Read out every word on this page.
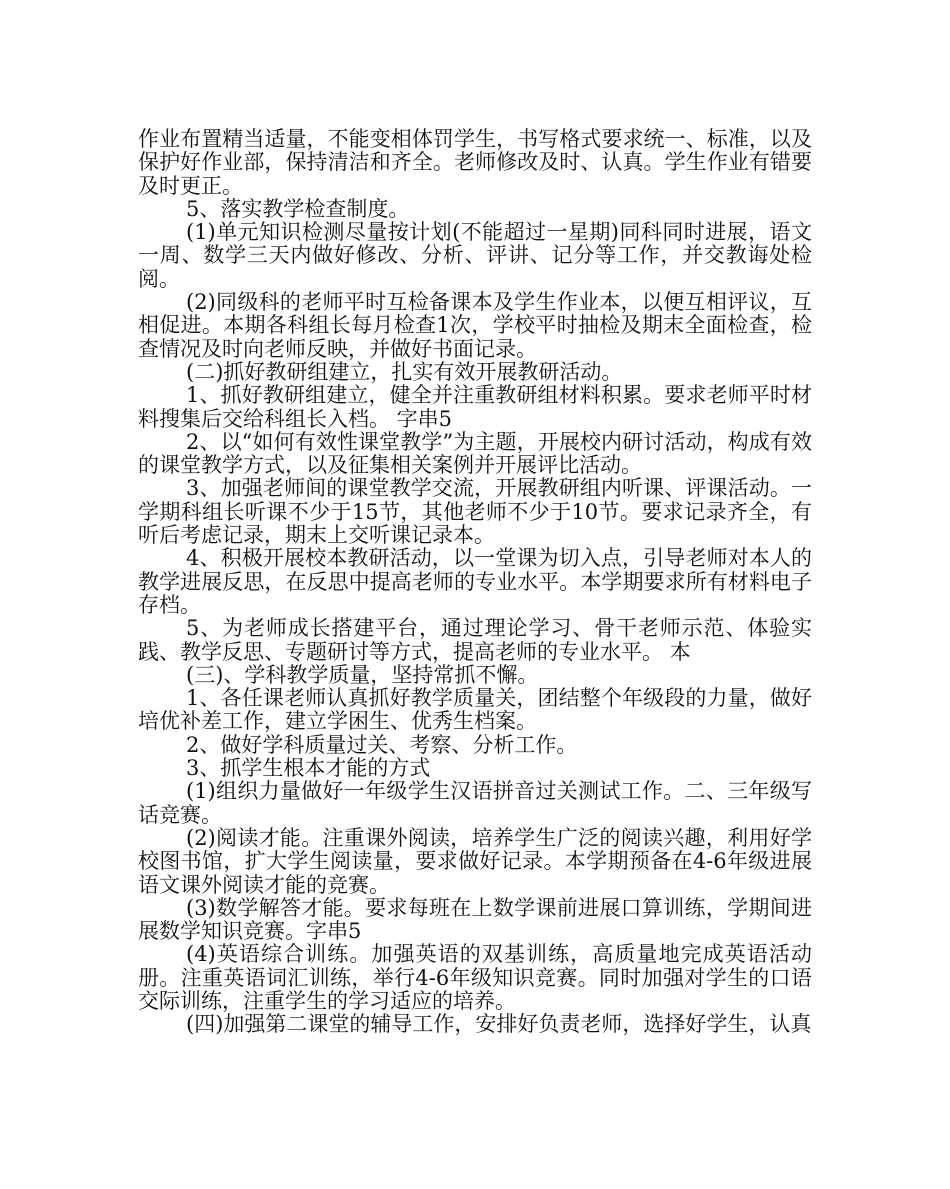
作业布置精当适量，不能变相体罚学生，书写格式要求统一、标准，以及保护好作业部，保持清洁和齐全。老师修改及时、认真。学生作业有错要及时更正。

5、落实教学检查制度。

(1)单元知识检测尽量按计划(不能超过一星期)同科同时进展，语文一周、数学三天内做好修改、分析、评讲、记分等工作，并交教诲处检阅。

(2)同级科的老师平时互检备课本及学生作业本，以便互相评议，互相促进。本期各科组长每月检查1次，学校平时抽检及期末全面检查，检查情况及时向老师反映，并做好书面记录。

(二)抓好教研组建立，扎实有效开展教研活动。

1、抓好教研组建立，健全并注重教研组材料积累。要求老师平时材料搜集后交给科组长入档。 字串5

2、以“如何有效性课堂教学”为主题，开展校内研讨活动，构成有效的课堂教学方式，以及征集相关案例并开展评比活动。

3、加强老师间的课堂教学交流，开展教研组内听课、评课活动。一学期科组长听课不少于15节，其他老师不少于10节。要求记录齐全，有听后考虑记录，期末上交听课记录本。

4、积极开展校本教研活动，以一堂课为切入点，引导老师对本人的教学进展反思，在反思中提高老师的专业水平。本学期要求所有材料电子存档。

5、为老师成长搭建平台，通过理论学习、骨干老师示范、体验实践、教学反思、专题研讨等方式，提高老师的专业水平。 本

(三)、学科教学质量，坚持常抓不懈。

1、各任课老师认真抓好教学质量关，团结整个年级段的力量，做好培优补差工作，建立学困生、优秀生档案。

2、做好学科质量过关、考察、分析工作。

3、抓学生根本才能的方式

(1)组织力量做好一年级学生汉语拼音过关测试工作。二、三年级写话竞赛。

(2)阅读才能。注重课外阅读，培养学生广泛的阅读兴趣，利用好学校图书馆，扩大学生阅读量，要求做好记录。本学期预备在4-6年级进展语文课外阅读才能的竞赛。

(3)数学解答才能。要求每班在上数学课前进展口算训练，学期间进展数学知识竞赛。字串5

(4)英语综合训练。加强英语的双基训练，高质量地完成英语活动册。注重英语词汇训练，举行4-6年级知识竞赛。同时加强对学生的口语交际训练，注重学生的学习适应的培养。

(四)加强第二课堂的辅导工作，安排好负责老师，选择好学生，认真
